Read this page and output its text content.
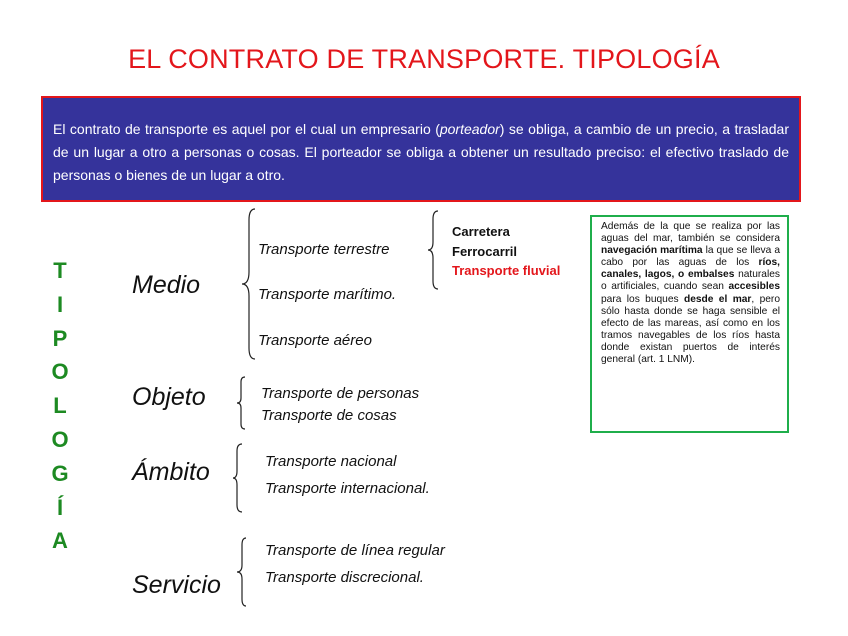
EL CONTRATO DE TRANSPORTE. TIPOLOGÍA
El contrato de transporte es aquel por el cual un empresario (porteador) se obliga, a cambio de un precio, a trasladar de un lugar a otro a personas o cosas. El porteador se obliga a obtener un resultado preciso: el efectivo traslado de personas o bienes de un lugar a otro.
T
I
P
O
L
O
G
Í
A
Medio
Transporte terrestre
Transporte marítimo.
Transporte aéreo
Carretera
Ferrocarril
Transporte fluvial
Objeto	Transporte de personas
Transporte de cosas
Ámbito	Transporte nacional
Transporte internacional.
Servicio
Transporte de línea regular
Transporte discrecional.
Además de la que se realiza por las aguas del mar, también se considera navegación marítima la que se lleva a cabo por las aguas de los ríos, canales, lagos, o embalses naturales o artificiales, cuando sean accesibles para los buques desde el mar, pero sólo hasta donde se haga sensible el efecto de las mareas, así como en los tramos navegables de los ríos hasta donde existan puertos de interés general (art. 1 LNM).
